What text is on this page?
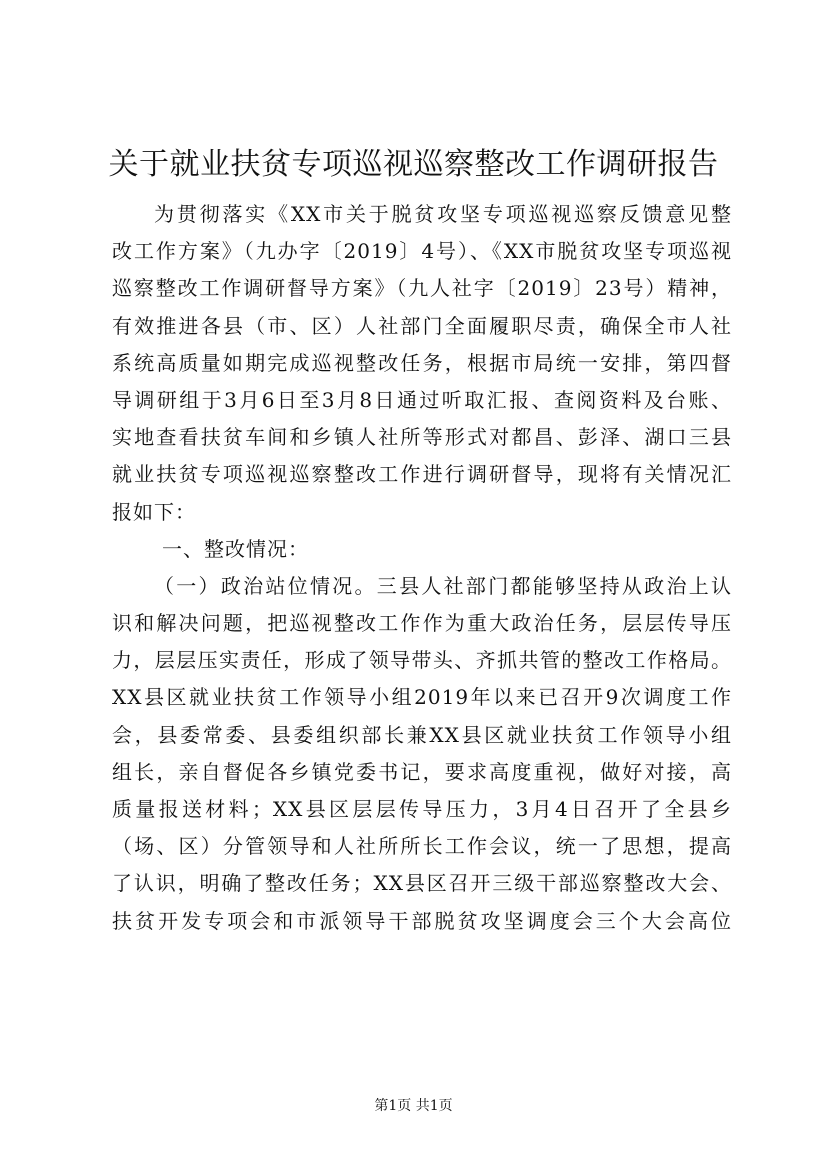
关于就业扶贫专项巡视巡察整改工作调研报告
为贯彻落实《XX市关于脱贫攻坚专项巡视巡察反馈意见整
改工作方案》（九办字〔2019〕4号）、《XX市脱贫攻坚专项巡视
巡察整改工作调研督导方案》（九人社字〔2019〕23号）精神，
有效推进各县（市、区）人社部门全面履职尽责，确保全市人社
系统高质量如期完成巡视整改任务，根据市局统一安排，第四督
导调研组于3月6日至3月8日通过听取汇报、查阅资料及台账、
实地查看扶贫车间和乡镇人社所等形式对都昌、彭泽、湖口三县
就业扶贫专项巡视巡察整改工作进行调研督导，现将有关情况汇
报如下：
一、整改情况：
（一）政治站位情况。三县人社部门都能够坚持从政治上认
识和解决问题，把巡视整改工作作为重大政治任务，层层传导压
力，层层压实责任，形成了领导带头、齐抓共管的整改工作格局。
XX县区就业扶贫工作领导小组2019年以来已召开9次调度工作
会，县委常委、县委组织部长兼XX县区就业扶贫工作领导小组
组长，亲自督促各乡镇党委书记，要求高度重视，做好对接，高
质量报送材料；XX县区层层传导压力，3月4日召开了全县乡
（场、区）分管领导和人社所所长工作会议，统一了思想，提高
了认识，明确了整改任务；XX县区召开三级干部巡察整改大会、
扶贫开发专项会和市派领导干部脱贫攻坚调度会三个大会高位
第1页 共1页
